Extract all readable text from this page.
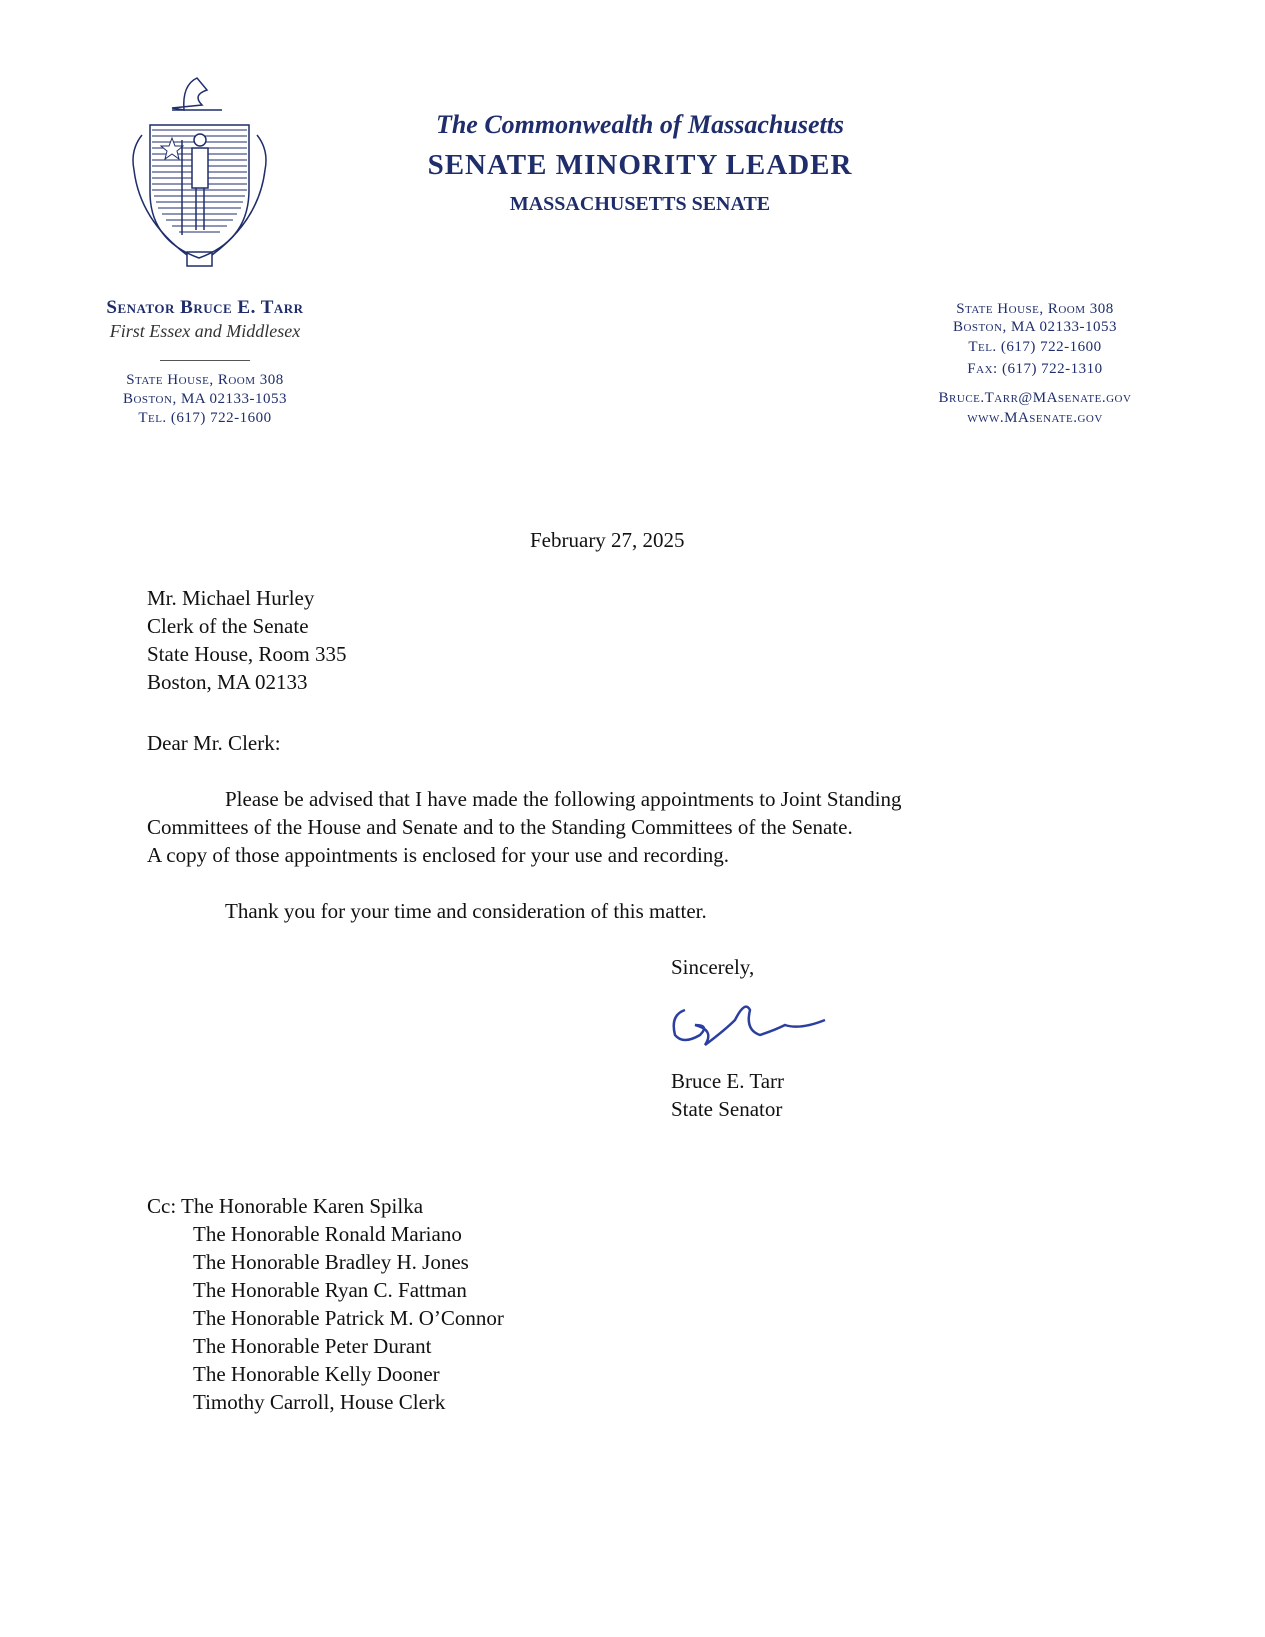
The Commonwealth of Massachusetts
SENATE MINORITY LEADER
MASSACHUSETTS SENATE
Senator Bruce E. Tarr
First Essex and Middlesex
State House, Room 308
Boston, MA 02133-1053
Tel. (617) 722-1600
State House, Room 308
Boston, MA 02133-1053
Tel. (617) 722-1600
Fax: (617) 722-1310
Bruce.Tarr@MAsenate.gov
www.MAsenate.gov
February 27, 2025
Mr. Michael Hurley
Clerk of the Senate
State House, Room 335
Boston, MA 02133
Dear Mr. Clerk:
Please be advised that I have made the following appointments to Joint Standing
Committees of the House and Senate and to the Standing Committees of the Senate.
A copy of those appointments is enclosed for your use and recording.
Thank you for your time and consideration of this matter.
Sincerely,
Bruce E. Tarr
State Senator
Cc: The Honorable Karen Spilka
The Honorable Ronald Mariano
The Honorable Bradley H. Jones
The Honorable Ryan C. Fattman
The Honorable Patrick M. O’Connor
The Honorable Peter Durant
The Honorable Kelly Dooner
Timothy Carroll, House Clerk
